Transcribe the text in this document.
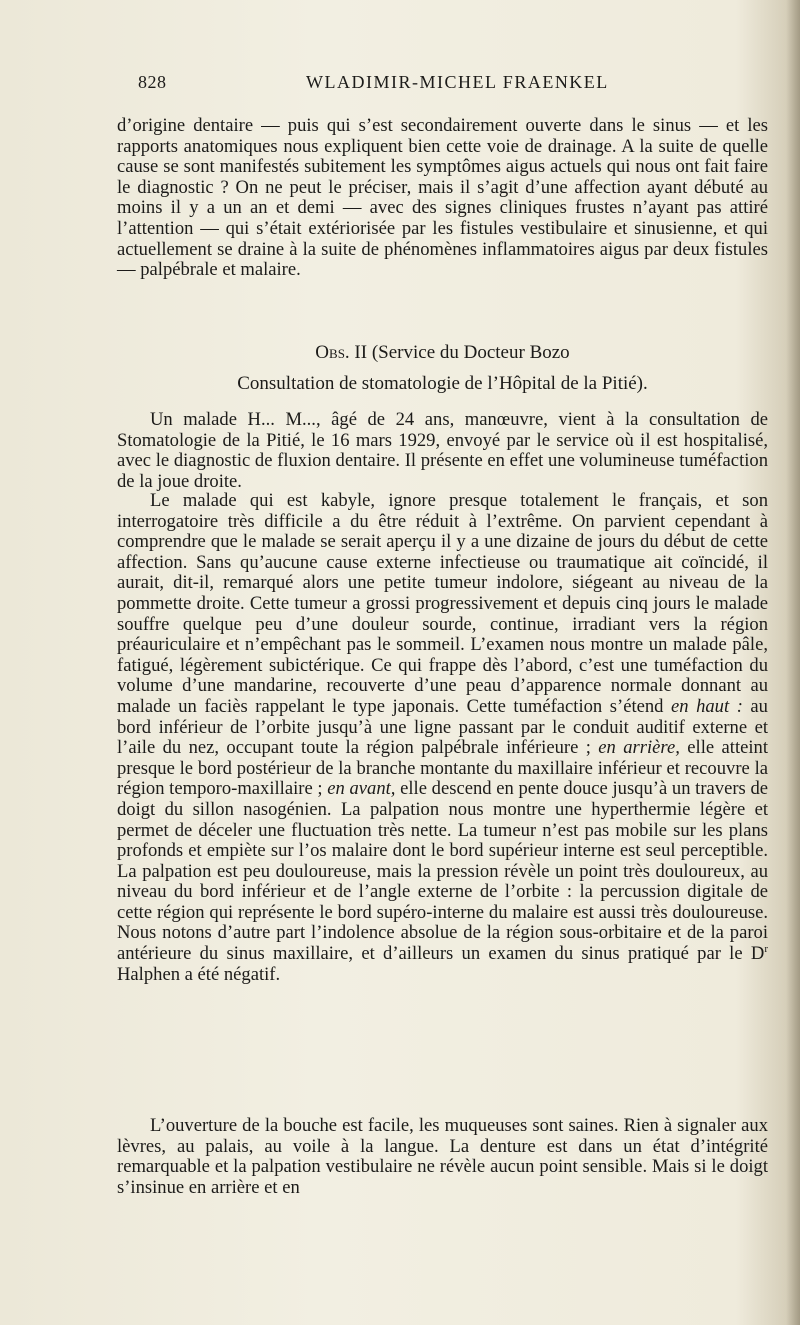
828	WLADIMIR-MICHEL FRAENKEL

d’origine dentaire — puis qui s’est secondairement ouverte dans le sinus — et les rapports anatomiques nous expliquent bien cette voie de drainage. A la suite de quelle cause se sont manifestés subitement les symptômes aigus actuels qui nous ont fait faire le diagnostic ? On ne peut le préciser, mais il s’agit d’une affection ayant débuté au moins il y a un an et demi — avec des signes cliniques frustes n’ayant pas attiré l’attention — qui s’était extériorisée par les fistules vestibulaire et sinusienne, et qui actuellement se draine à la suite de phénomènes inflammatoires aigus par deux fistules — palpébrale et malaire.

Obs. II (Service du Docteur Bozo
Consultation de stomatologie de l’Hôpital de la Pitié).

Un malade H... M..., âgé de 24 ans, manœuvre, vient à la consultation de Stomatologie de la Pitié, le 16 mars 1929, envoyé par le service où il est hospitalisé, avec le diagnostic de fluxion dentaire. Il présente en effet une volumineuse tuméfaction de la joue droite.

Le malade qui est kabyle, ignore presque totalement le français, et son interrogatoire très difficile a du être réduit à l’extrême. On parvient cependant à comprendre que le malade se serait aperçu il y a une dizaine de jours du début de cette affection. Sans qu’aucune cause externe infectieuse ou traumatique ait coïncidé, il aurait, dit-il, remarqué alors une petite tumeur indolore, siégeant au niveau de la pommette droite. Cette tumeur a grossi progressivement et depuis cinq jours le malade souffre quelque peu d’une douleur sourde, continue, irradiant vers la région préauriculaire et n’empêchant pas le sommeil. L’examen nous montre un malade pâle, fatigué, légèrement subictérique. Ce qui frappe dès l’abord, c’est une tuméfaction du volume d’une mandarine, recouverte d’une peau d’apparence normale donnant au malade un faciès rappelant le type japonais. Cette tuméfaction s’étend en haut : au bord inférieur de l’orbite jusqu’à une ligne passant par le conduit auditif externe et l’aile du nez, occupant toute la région palpébrale inférieure ; en arrière, elle atteint presque le bord postérieur de la branche montante du maxillaire inférieur et recouvre la région temporo-maxillaire ; en avant, elle descend en pente douce jusqu’à un travers de doigt du sillon nasogénien. La palpation nous montre une hyperthermie légère et permet de déceler une fluctuation très nette. La tumeur n’est pas mobile sur les plans profonds et empiète sur l’os malaire dont le bord supérieur interne est seul perceptible. La palpation est peu douloureuse, mais la pression révèle un point très douloureux, au niveau du bord inférieur et de l’angle externe de l’orbite : la percussion digitale de cette région qui représente le bord supéro-interne du malaire est aussi très douloureuse. Nous notons d’autre part l’indolence absolue de la région sous-orbitaire et de la paroi antérieure du sinus maxillaire, et d’ailleurs un examen du sinus pratiqué par le $D^r$ Halphen a été négatif.

L’ouverture de la bouche est facile, les muqueuses sont saines. Rien à signaler aux lèvres, au palais, au voile à la langue. La denture est dans un état d’intégrité remarquable et la palpation vestibulaire ne révèle aucun point sensible. Mais si le doigt s’insinue en arrière et en
